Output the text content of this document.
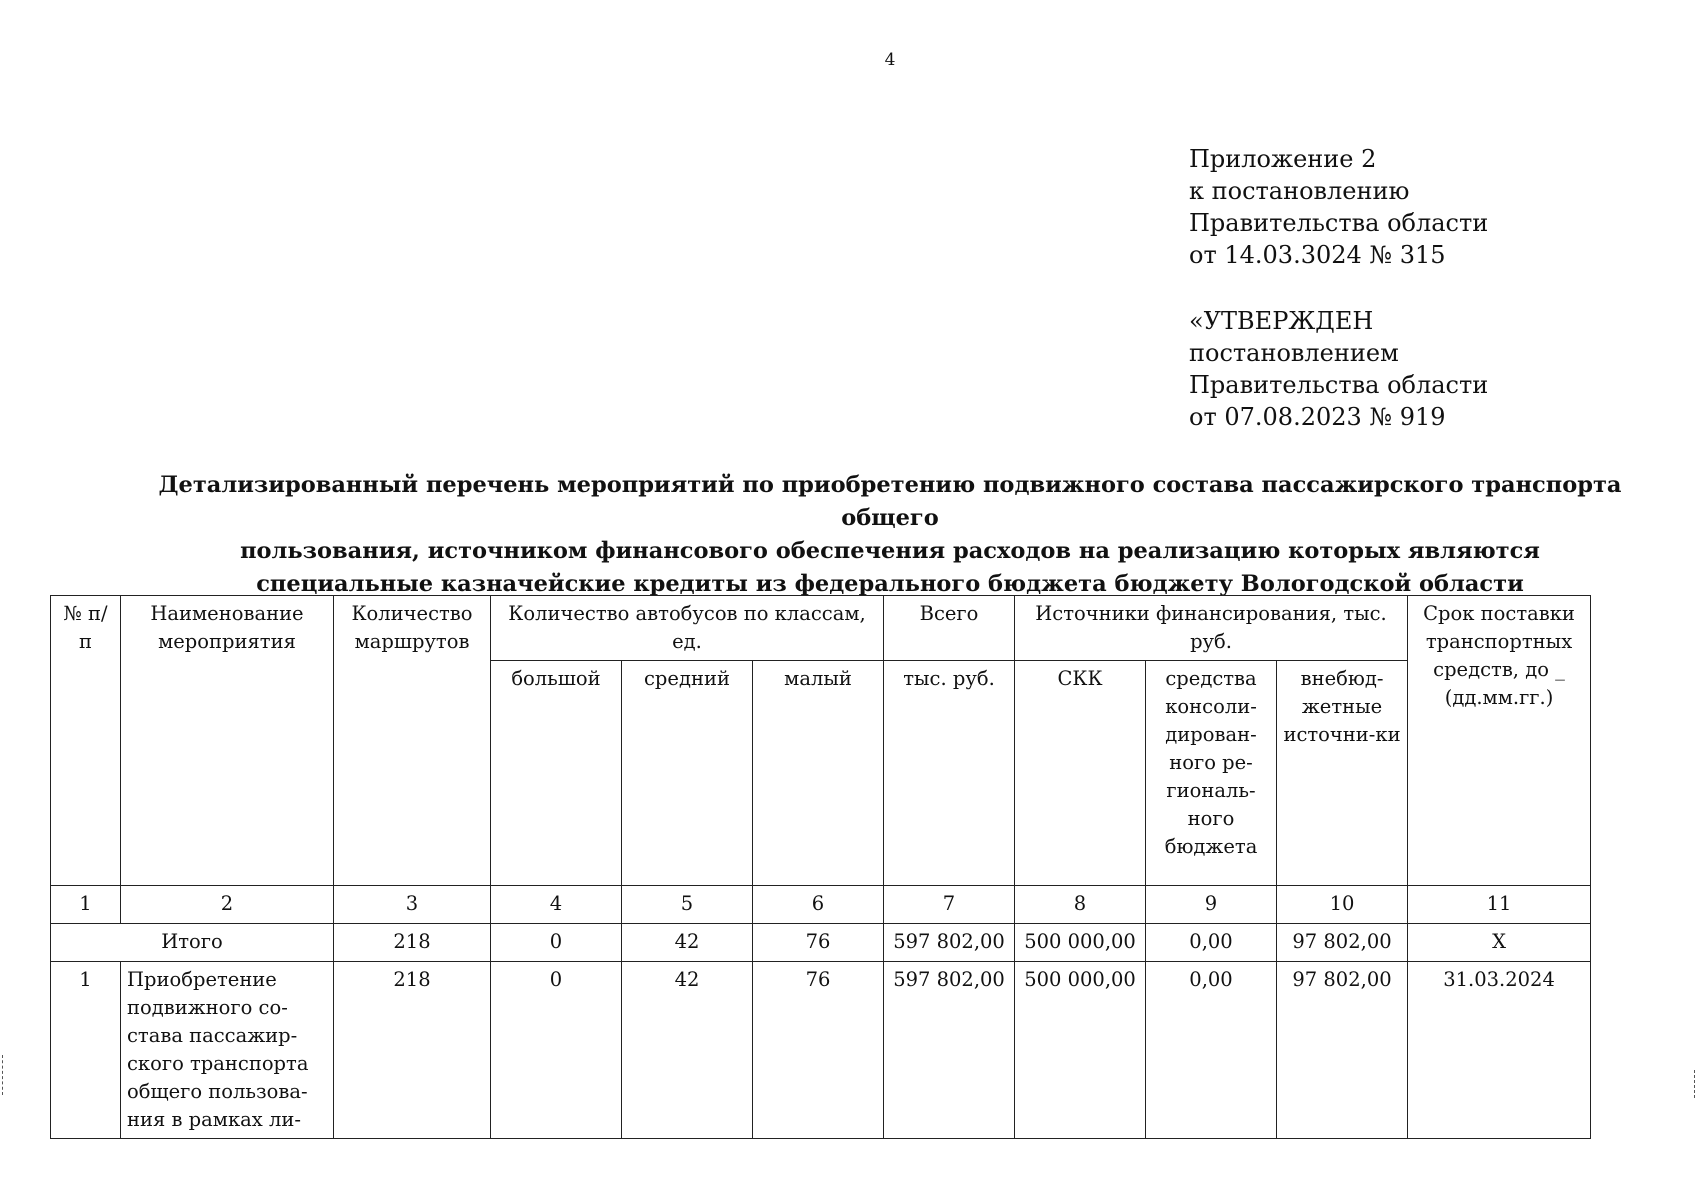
4
Приложение 2
к постановлению
Правительства области
от 14.03.3024 № 315
«УТВЕРЖДЕН
постановлением
Правительства области
от 07.08.2023 № 919
Детализированный перечень мероприятий по приобретению подвижного состава пассажирского транспорта общего
пользования, источником финансового обеспечения расходов на реализацию которых являются
специальные казначейские кредиты из федерального бюджета бюджету Вологодской области
№ п/п	Наименование мероприятия	Количество маршрутов	Количество автобусов по классам, ед.			Всего	Источники финансирования, тыс. руб.			Срок поставки транспортных средств, до _ (дд.мм.гг.)
			большой	средний	малый	тыс. руб.	СКК	средства консоли-дирован-ного ре-гиональ-ного бюджета	внебюд-жетные источни-ки	
1	2	3	4	5	6	7	8	9	10	11
Итого		218	0	42	76	597 802,00	500 000,00	0,00	97 802,00	Х
1	Приобретение подвижного со-става пассажир-ского транспорта общего пользова-ния в рамках ли-	218	0	42	76	597 802,00	500 000,00	0,00	97 802,00	31.03.2024
